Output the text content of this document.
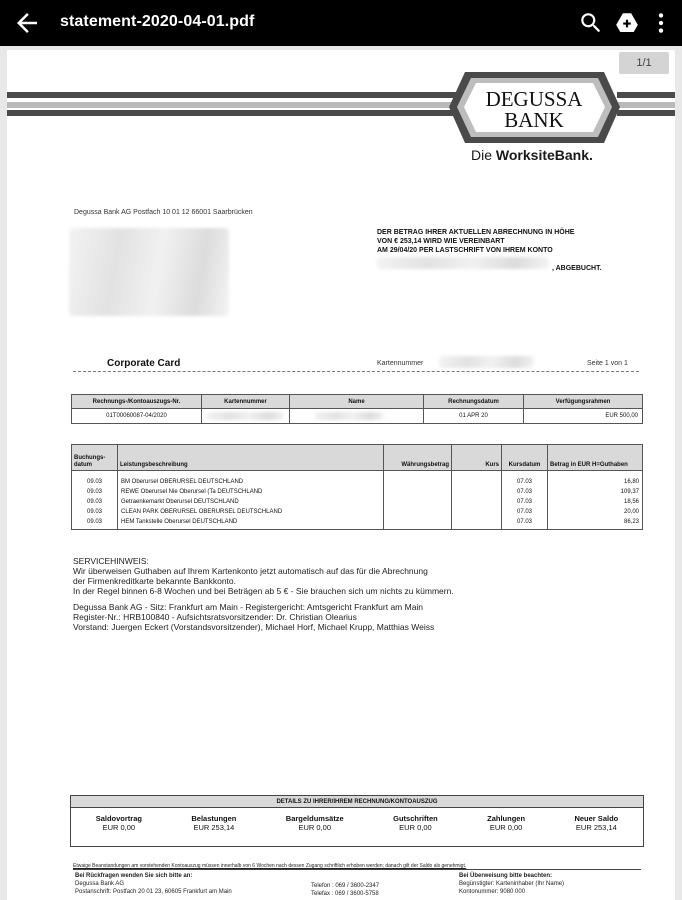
statement-2020-04-01.pdf
1/1
DEGUSSA
BANK
Die WorksiteBank.
Degussa Bank AG Postfach 10 01 12 66001 Saarbrücken
DER BETRAG IHRER AKTUELLEN ABRECHNUNG IN HÖHE
VON € 253,14 WIRD WIE VEREINBART
AM 29/04/20 PER LASTSCHRIFT VON IHREM KONTO
, ABGEBUCHT.
Corporate Card	Kartennummer	Seite 1 von 1
Rechnungs-/Kontoauszugs-Nr.	Kartennummer	Name	Rechnungsdatum	Verfügungsrahmen
01T00060087-04/2020			01 APR 20	EUR 500,00
Buchungs-datum	Leistungsbeschreibung	Währungsbetrag	Kurs	Kursdatum	Betrag in EUR H=Guthaben
09.03	BM Oberursel OBERURSEL DEUTSCHLAND			07.03	16,80
09.03	REWE Oberursel Nie Oberursel (Ta DEUTSCHLAND			07.03	109,37
09.03	Getraenkemarkt Oberursel DEUTSCHLAND			07.03	18,56
09.03	CLEAN PARK OBERURSEL OBERURSEL DEUTSCHLAND			07.03	20,00
09.03	HEM Tankstelle Oberursel DEUTSCHLAND			07.03	86,23
SERVICEHINWEIS:
Wir überweisen Guthaben auf Ihrem Kartenkonto jetzt automatisch auf das für die Abrechnung
der Firmenkreditkarte bekannte Bankkonto.
In der Regel binnen 6-8 Wochen und bei Beträgen ab 5 € - Sie brauchen sich um nichts zu kümmern.
Degussa Bank AG - Sitz: Frankfurt am Main - Registergericht: Amtsgericht Frankfurt am Main
Register-Nr.: HRB100840 - Aufsichtsratsvorsitzender: Dr. Christian Olearius
Vorstand: Juergen Eckert (Vorstandsvorsitzender), Michael Horf, Michael Krupp, Matthias Weiss
DETAILS ZU IHRER/IHREM RECHNUNG/KONTOAUSZUG
Saldovortrag
EUR 0,00
Belastungen
EUR 253,14
Bargeldumsätze
EUR 0,00
Gutschriften
EUR 0,00
Zahlungen
EUR 0,00
Neuer Saldo
EUR 253,14
Etwaige Beanstandungen am vorstehenden Kontoauszug müssen innerhalb von 6 Wochen nach dessen Zugang schriftlich erhoben werden; danach gilt der Saldo als genehmigt.
Bei Rückfragen wenden Sie sich bitte an:
Degussa Bank AG
Postanschrift: Postfach 20 01 23, 60605 Frankfurt am Main
Telefon : 069 / 3600-2347
Telefax : 069 / 3600-5758
Bei Überweisung bitte beachten:
Begünstigter: Karteninhaber (Ihr Name)
Kontonummer: 9080 000
